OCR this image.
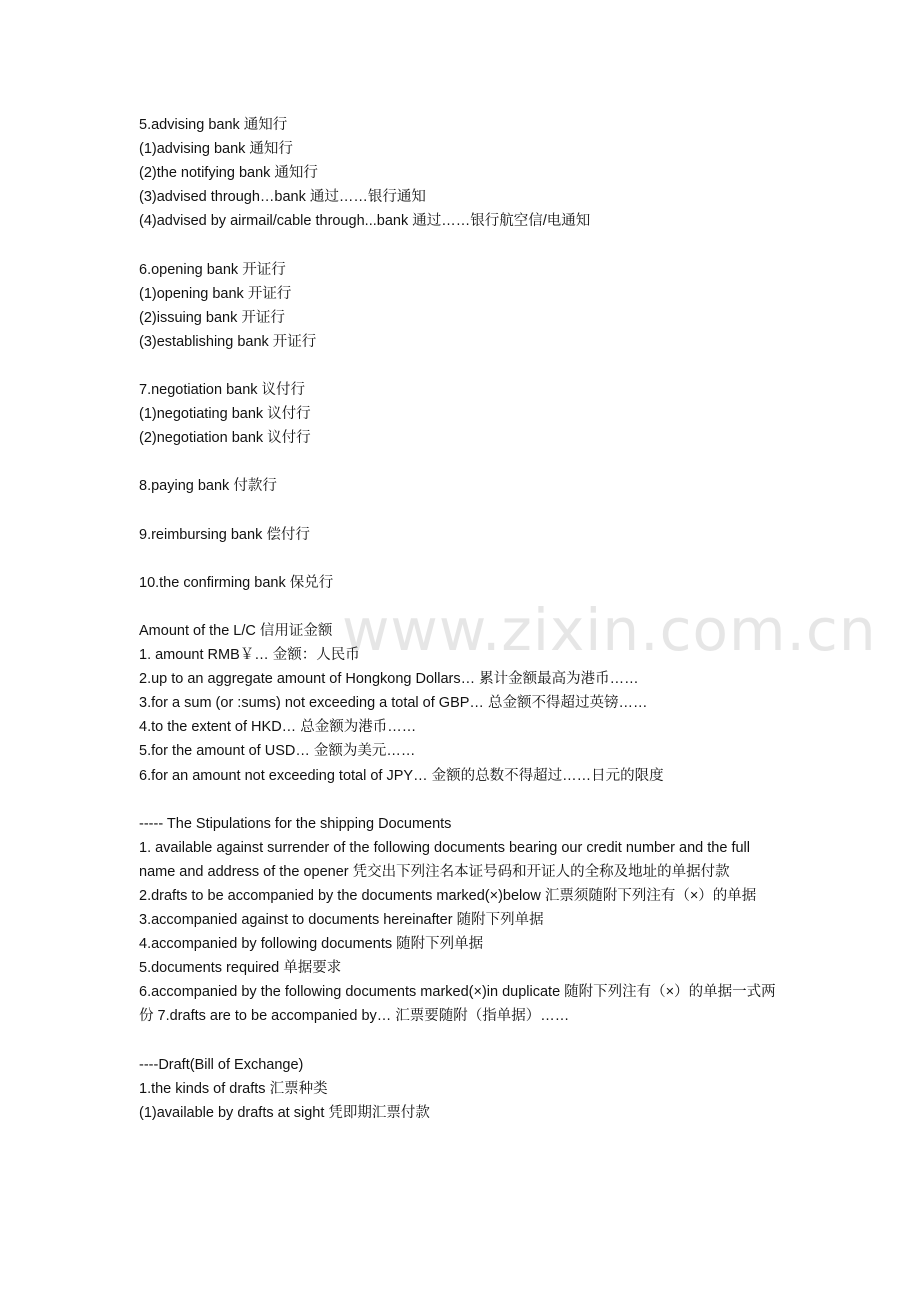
www.zixin.com.cn
5.advising bank 通知行
(1)advising bank 通知行
(2)the notifying bank 通知行
(3)advised through…bank 通过……银行通知
(4)advised by airmail/cable through...bank 通过……银行航空信/电通知
6.opening bank 开证行
(1)opening bank 开证行
(2)issuing bank 开证行
(3)establishing bank 开证行
7.negotiation bank 议付行
(1)negotiating bank 议付行
(2)negotiation bank 议付行
8.paying bank 付款行
9.reimbursing bank 偿付行
10.the confirming bank 保兑行
Amount of the L/C 信用证金额
1. amount RMB￥… 金额：人民币
2.up to an aggregate amount of Hongkong Dollars… 累计金额最高为港币……
3.for a sum (or :sums) not exceeding a total of GBP… 总金额不得超过英镑……
4.to the extent of HKD… 总金额为港币……
5.for the amount of USD… 金额为美元……
6.for an amount not exceeding total of JPY… 金额的总数不得超过……日元的限度
----- The Stipulations for the shipping Documents
1. available against surrender of the following documents bearing our credit number and the full name and address of the opener 凭交出下列注名本证号码和开证人的全称及地址的单据付款
2.drafts to be accompanied by the documents marked(×)below 汇票须随附下列注有（×）的单据
3.accompanied against to documents hereinafter 随附下列单据
4.accompanied by following documents 随附下列单据
5.documents required 单据要求
6.accompanied by the following documents marked(×)in duplicate 随附下列注有（×）的单据一式两份 7.drafts are to be accompanied by… 汇票要随附（指单据）……
----Draft(Bill of Exchange)
1.the kinds of drafts 汇票种类
(1)available by drafts at sight 凭即期汇票付款
